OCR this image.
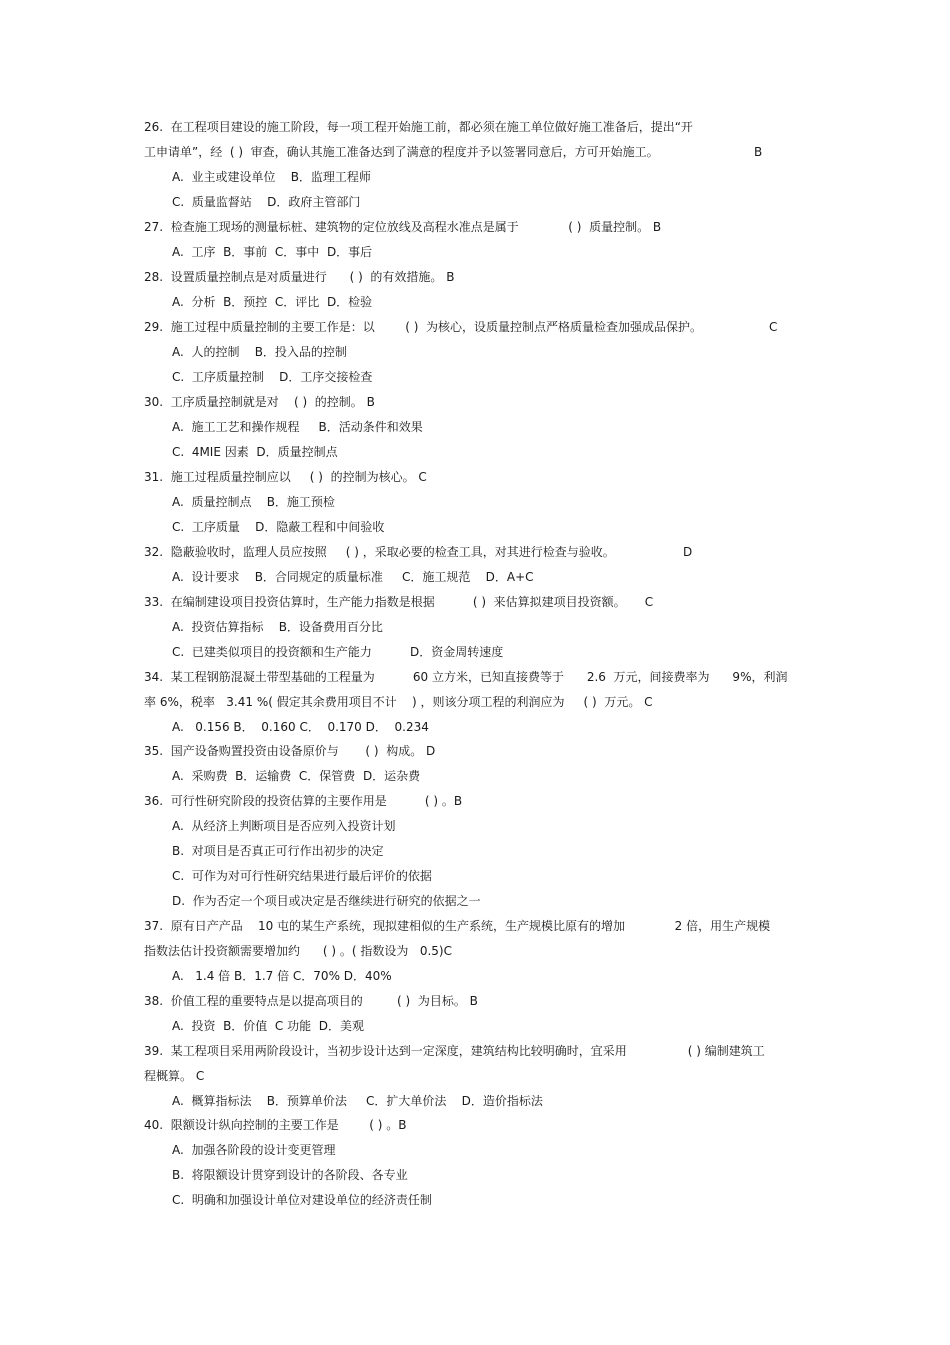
26.  在工程项目建设的施工阶段，每一项工程开始施工前，都必须在施工单位做好施工准备后，提出“开
工申请单”，经  ( )  审查，确认其施工准备达到了满意的程度并予以签署同意后，方可开始施工。	B
A.  业主或建设单位    B．监理工程师
C.  质量监督站    D．政府主管部门
27.  检查施工现场的测量标桩、建筑物的定位放线及高程水准点是属于             ( )  质量控制。 B
A.  工序  B．事前  C．事中  D．事后
28.  设置质量控制点是对质量进行      ( )  的有效措施。 B
A.  分析  B．预控  C．评比  D．检验
29.  施工过程中质量控制的主要工作是：以        ( )  为核心，设质量控制点严格质量检查加强成品保护。	C
A.  人的控制    B．投入品的控制
C.  工序质量控制    D．工序交接检查
30.  工序质量控制就是对    ( )  的控制。 B
A.  施工工艺和操作规程     B．活动条件和效果
C.  4MIE 因素  D．质量控制点
31.  施工过程质量控制应以     ( )  的控制为核心。 C
A.  质量控制点    B．施工预检
C.  工序质量    D．隐蔽工程和中间验收
32.  隐蔽验收时，监理人员应按照     ( ) ，采取必要的检查工具，对其进行检查与验收。	D
A.  设计要求    B．合同规定的质量标准     C．施工规范    D．A+C
33.  在编制建设项目投资估算时，生产能力指数是根据          ( )  来估算拟建项目投资额。     C
A.  投资估算指标    B．设备费用百分比
C.  已建类似项目的投资额和生产能力          D．资金周转速度
34.  某工程钢筋混凝土带型基础的工程量为          60 立方米，已知直接费等于      2.6  万元，间接费率为      9%，利润
率 6%，税率   3.41 %( 假定其余费用项目不计    ) ，则该分项工程的利润应为     ( )  万元。 C
A.   0.156 B．  0.160 C．  0.170 D．  0.234
35.  国产设备购置投资由设备原价与       ( )  构成。 D
A.  采购费  B．运输费  C．保管费  D．运杂费
36.  可行性研究阶段的投资估算的主要作用是          ( ) 。B
A.  从经济上判断项目是否应列入投资计划
B.  对项目是否真正可行作出初步的决定
C.  可作为对可行性研究结果进行最后评价的依据
D.  作为否定一个项目或决定是否继续进行研究的依据之一
37.  原有日产产品    10 屯的某生产系统，现拟建相似的生产系统，生产规模比原有的增加             2 倍，用生产规模
指数法估计投资额需要增加约      ( ) 。( 指数设为   0.5)C
A.   1.4 倍 B．1.7 倍 C．70% D．40%
38.  价值工程的重要特点是以提高项目的         ( )  为目标。 B
A.  投资  B．价值  C 功能  D．美观
39.  某工程项目采用两阶段设计，当初步设计达到一定深度，建筑结构比较明确时，宜采用                ( ) 编制建筑工
程概算。 C
A.  概算指标法    B．预算单价法     C．扩大单价法    D．造价指标法
40.  限额设计纵向控制的主要工作是        ( ) 。B
A.  加强各阶段的设计变更管理
B.  将限额设计贯穿到设计的各阶段、各专业
C.  明确和加强设计单位对建设单位的经济责任制
